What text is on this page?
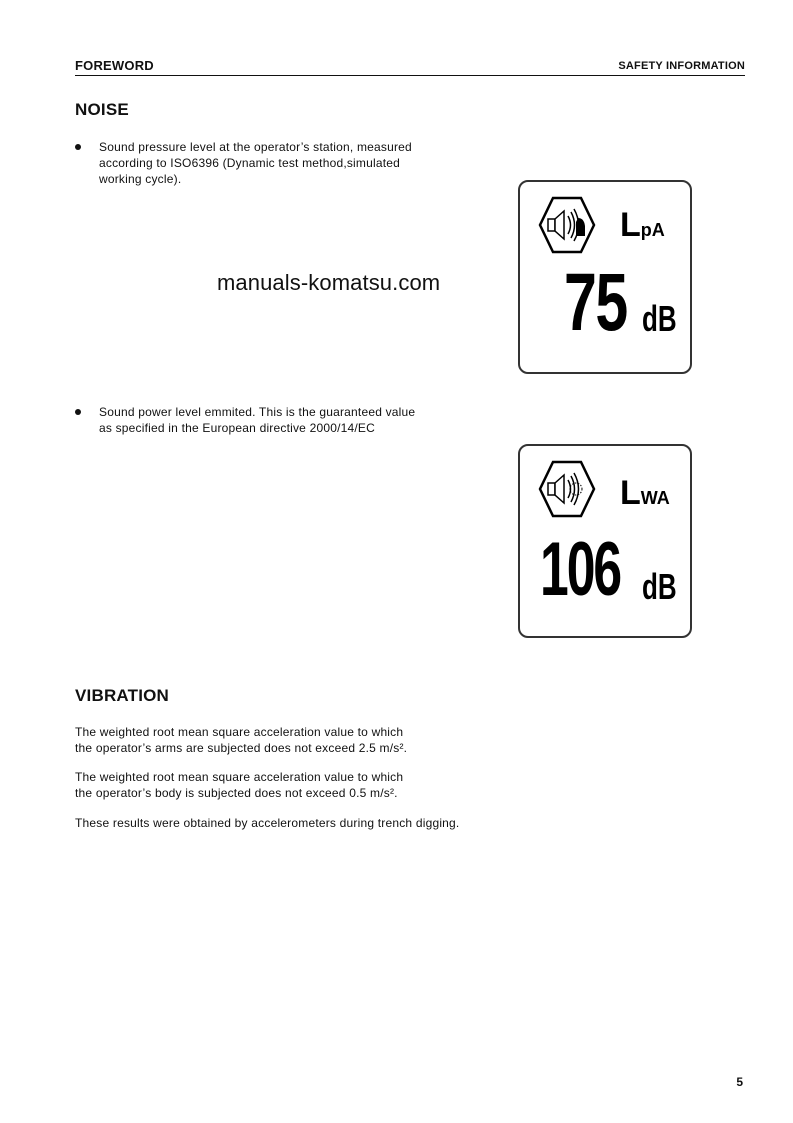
FOREWORD	SAFETY INFORMATION
NOISE
Sound pressure level at the operator’s station, measured
according to ISO6396 (Dynamic test method,simulated
working cycle).
manuals-komatsu.com
LpA
75 dB
Sound power level emmited. This is the guaranteed value
as specified in the European directive 2000/14/EC
LWA
106 dB
VIBRATION
The weighted root mean square acceleration value to which
the operator’s arms are subjected does not exceed 2.5 m/s².
The weighted root mean square acceleration value to which
the operator’s body is subjected does not exceed 0.5 m/s².
These results were obtained by accelerometers during trench digging.
5
